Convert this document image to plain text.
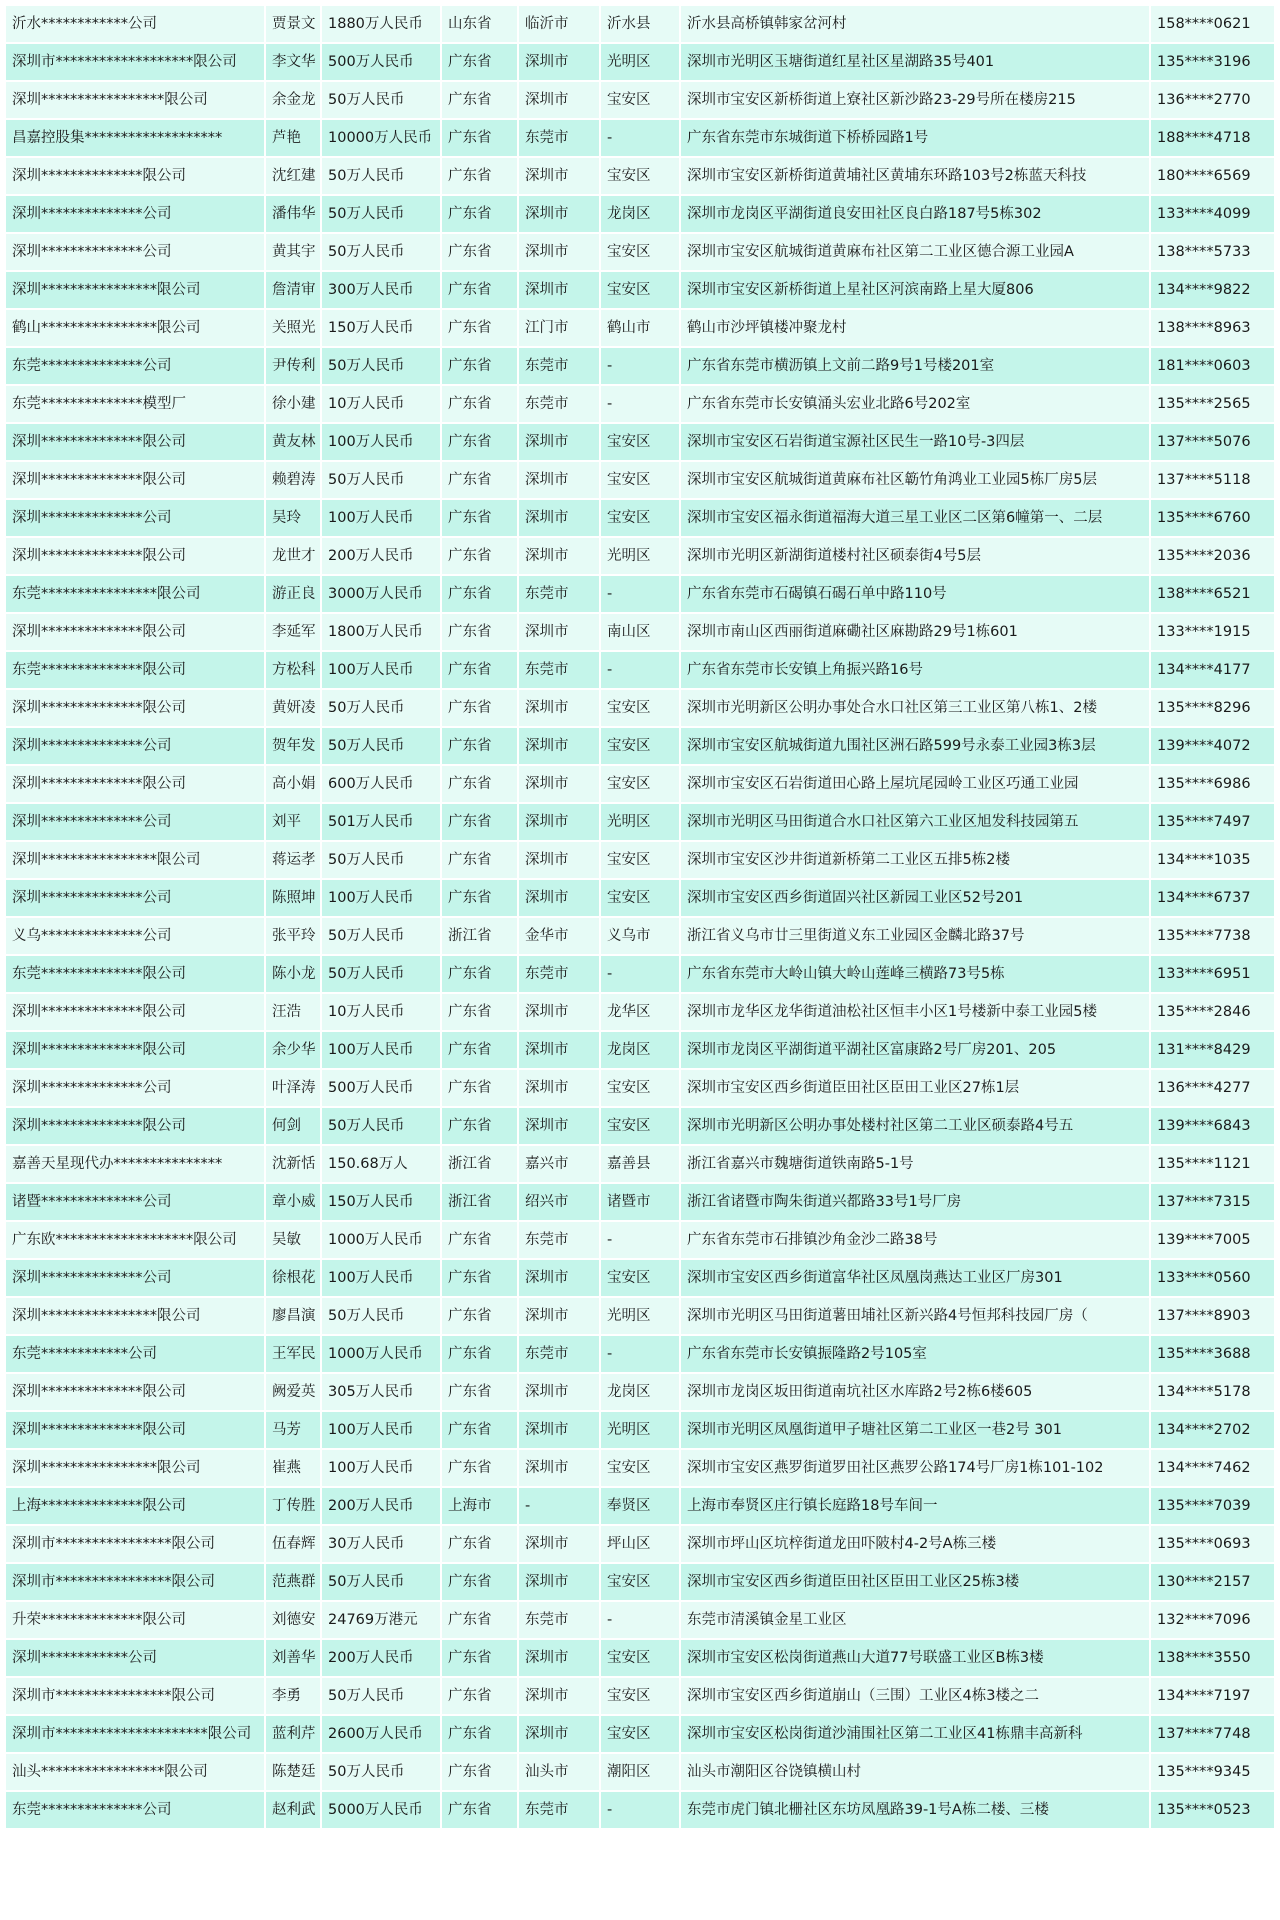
沂水************公司	贾景文	1880万人民币	山东省	临沂市	沂水县	沂水县高桥镇韩家岔河村	158****0621
深圳市*******************限公司	李文华	500万人民币	广东省	深圳市	光明区	深圳市光明区玉塘街道红星社区星湖路35号401	135****3196
深圳*****************限公司	余金龙	50万人民币	广东省	深圳市	宝安区	深圳市宝安区新桥街道上寮社区新沙路23-29号所在楼房215	136****2770
昌嘉控股集*******************	芦艳	10000万人民币	广东省	东莞市	-	广东省东莞市东城街道下桥桥园路1号	188****4718
深圳**************限公司	沈红建	50万人民币	广东省	深圳市	宝安区	深圳市宝安区新桥街道黄埔社区黄埔东环路103号2栋蓝天科技	180****6569
深圳**************公司	潘伟华	50万人民币	广东省	深圳市	龙岗区	深圳市龙岗区平湖街道良安田社区良白路187号5栋302	133****4099
深圳**************公司	黄其宇	50万人民币	广东省	深圳市	宝安区	深圳市宝安区航城街道黄麻布社区第二工业区德合源工业园A	138****5733
深圳****************限公司	詹清审	300万人民币	广东省	深圳市	宝安区	深圳市宝安区新桥街道上星社区河滨南路上星大厦806	134****9822
鹤山****************限公司	关照光	150万人民币	广东省	江门市	鹤山市	鹤山市沙坪镇楼冲聚龙村	138****8963
东莞**************公司	尹传利	50万人民币	广东省	东莞市	-	广东省东莞市横沥镇上文前二路9号1号楼201室	181****0603
东莞**************模型厂	徐小建	10万人民币	广东省	东莞市	-	广东省东莞市长安镇涌头宏业北路6号202室	135****2565
深圳**************限公司	黄友林	100万人民币	广东省	深圳市	宝安区	深圳市宝安区石岩街道宝源社区民生一路10号-3四层	137****5076
深圳**************限公司	赖碧涛	50万人民币	广东省	深圳市	宝安区	深圳市宝安区航城街道黄麻布社区簕竹角鸿业工业园5栋厂房5层	137****5118
深圳**************公司	吴玲	100万人民币	广东省	深圳市	宝安区	深圳市宝安区福永街道福海大道三星工业区二区第6幢第一、二层	135****6760
深圳**************限公司	龙世才	200万人民币	广东省	深圳市	光明区	深圳市光明区新湖街道楼村社区硕泰街4号5层	135****2036
东莞****************限公司	游正良	3000万人民币	广东省	东莞市	-	广东省东莞市石碣镇石碣石单中路110号	138****6521
深圳**************限公司	李延军	1800万人民币	广东省	深圳市	南山区	深圳市南山区西丽街道麻磡社区麻勘路29号1栋601	133****1915
东莞**************限公司	方松科	100万人民币	广东省	东莞市	-	广东省东莞市长安镇上角振兴路16号	134****4177
深圳**************限公司	黄妍凌	50万人民币	广东省	深圳市	宝安区	深圳市光明新区公明办事处合水口社区第三工业区第八栋1、2楼	135****8296
深圳**************公司	贺年发	50万人民币	广东省	深圳市	宝安区	深圳市宝安区航城街道九围社区洲石路599号永泰工业园3栋3层	139****4072
深圳**************限公司	高小娟	600万人民币	广东省	深圳市	宝安区	深圳市宝安区石岩街道田心路上屋坑尾园岭工业区巧通工业园	135****6986
深圳**************公司	刘平	501万人民币	广东省	深圳市	光明区	深圳市光明区马田街道合水口社区第六工业区旭发科技园第五	135****7497
深圳****************限公司	蒋运孝	50万人民币	广东省	深圳市	宝安区	深圳市宝安区沙井街道新桥第二工业区五排5栋2楼	134****1035
深圳**************公司	陈照坤	100万人民币	广东省	深圳市	宝安区	深圳市宝安区西乡街道固兴社区新园工业区52号201	134****6737
义乌**************公司	张平玲	50万人民币	浙江省	金华市	义乌市	浙江省义乌市廿三里街道义东工业园区金麟北路37号	135****7738
东莞**************限公司	陈小龙	50万人民币	广东省	东莞市	-	广东省东莞市大岭山镇大岭山莲峰三横路73号5栋	133****6951
深圳**************限公司	汪浩	10万人民币	广东省	深圳市	龙华区	深圳市龙华区龙华街道油松社区恒丰小区1号楼新中泰工业园5楼	135****2846
深圳**************限公司	余少华	100万人民币	广东省	深圳市	龙岗区	深圳市龙岗区平湖街道平湖社区富康路2号厂房201、205	131****8429
深圳**************公司	叶泽涛	500万人民币	广东省	深圳市	宝安区	深圳市宝安区西乡街道臣田社区臣田工业区27栋1层	136****4277
深圳**************限公司	何剑	50万人民币	广东省	深圳市	宝安区	深圳市光明新区公明办事处楼村社区第二工业区硕泰路4号五	139****6843
嘉善天星现代办***************	沈新恬	150.68万人	浙江省	嘉兴市	嘉善县	浙江省嘉兴市魏塘街道铁南路5-1号	135****1121
诸暨**************公司	章小威	150万人民币	浙江省	绍兴市	诸暨市	浙江省诸暨市陶朱街道兴都路33号1号厂房	137****7315
广东欧*******************限公司	吴敏	1000万人民币	广东省	东莞市	-	广东省东莞市石排镇沙角金沙二路38号	139****7005
深圳**************公司	徐根花	100万人民币	广东省	深圳市	宝安区	深圳市宝安区西乡街道富华社区凤凰岗燕达工业区厂房301	133****0560
深圳****************限公司	廖昌演	50万人民币	广东省	深圳市	光明区	深圳市光明区马田街道薯田埔社区新兴路4号恒邦科技园厂房（	137****8903
东莞************公司	王军民	1000万人民币	广东省	东莞市	-	广东省东莞市长安镇振隆路2号105室	135****3688
深圳**************限公司	阙爱英	305万人民币	广东省	深圳市	龙岗区	深圳市龙岗区坂田街道南坑社区水库路2号2栋6楼605	134****5178
深圳**************限公司	马芳	100万人民币	广东省	深圳市	光明区	深圳市光明区凤凰街道甲子塘社区第二工业区一巷2号 301	134****2702
深圳****************限公司	崔燕	100万人民币	广东省	深圳市	宝安区	深圳市宝安区燕罗街道罗田社区燕罗公路174号厂房1栋101-102	134****7462
上海**************限公司	丁传胜	200万人民币	上海市	-	奉贤区	上海市奉贤区庄行镇长庭路18号车间一	135****7039
深圳市****************限公司	伍春辉	30万人民币	广东省	深圳市	坪山区	深圳市坪山区坑梓街道龙田吓陂村4-2号A栋三楼	135****0693
深圳市****************限公司	范燕群	50万人民币	广东省	深圳市	宝安区	深圳市宝安区西乡街道臣田社区臣田工业区25栋3楼	130****2157
升荣**************限公司	刘德安	24769万港元	广东省	东莞市	-	东莞市清溪镇金星工业区	132****7096
深圳************公司	刘善华	200万人民币	广东省	深圳市	宝安区	深圳市宝安区松岗街道燕山大道77号联盛工业区B栋3楼	138****3550
深圳市****************限公司	李勇	50万人民币	广东省	深圳市	宝安区	深圳市宝安区西乡街道崩山（三围）工业区4栋3楼之二	134****7197
深圳市*********************限公司	蓝利芹	2600万人民币	广东省	深圳市	宝安区	深圳市宝安区松岗街道沙浦围社区第二工业区41栋鼎丰高新科	137****7748
汕头*****************限公司	陈楚廷	50万人民币	广东省	汕头市	潮阳区	汕头市潮阳区谷饶镇横山村	135****9345
东莞**************公司	赵利武	5000万人民币	广东省	东莞市	-	东莞市虎门镇北栅社区东坊凤凰路39-1号A栋二楼、三楼	135****0523
